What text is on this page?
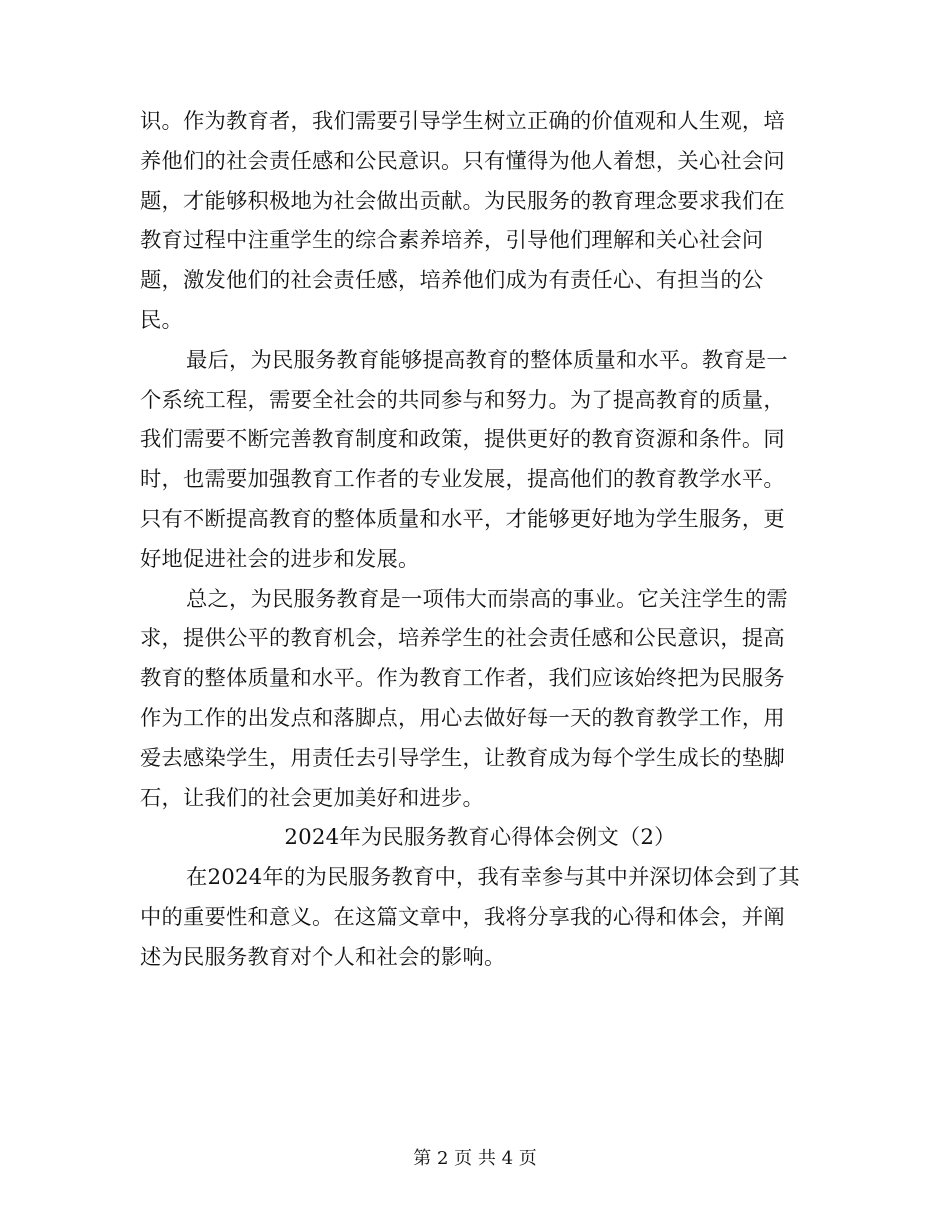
识。作为教育者，我们需要引导学生树立正确的价值观和人生观，培
养他们的社会责任感和公民意识。只有懂得为他人着想，关心社会问
题，才能够积极地为社会做出贡献。为民服务的教育理念要求我们在
教育过程中注重学生的综合素养培养，引导他们理解和关心社会问
题，激发他们的社会责任感，培养他们成为有责任心、有担当的公
民。
最后，为民服务教育能够提高教育的整体质量和水平。教育是一
个系统工程，需要全社会的共同参与和努力。为了提高教育的质量，
我们需要不断完善教育制度和政策，提供更好的教育资源和条件。同
时，也需要加强教育工作者的专业发展，提高他们的教育教学水平。
只有不断提高教育的整体质量和水平，才能够更好地为学生服务，更
好地促进社会的进步和发展。
总之，为民服务教育是一项伟大而崇高的事业。它关注学生的需
求，提供公平的教育机会，培养学生的社会责任感和公民意识，提高
教育的整体质量和水平。作为教育工作者，我们应该始终把为民服务
作为工作的出发点和落脚点，用心去做好每一天的教育教学工作，用
爱去感染学生，用责任去引导学生，让教育成为每个学生成长的垫脚
石，让我们的社会更加美好和进步。
2024年为民服务教育心得体会例文（2）
在2024年的为民服务教育中，我有幸参与其中并深切体会到了其
中的重要性和意义。在这篇文章中，我将分享我的心得和体会，并阐
述为民服务教育对个人和社会的影响。
第 2 页 共 4 页
